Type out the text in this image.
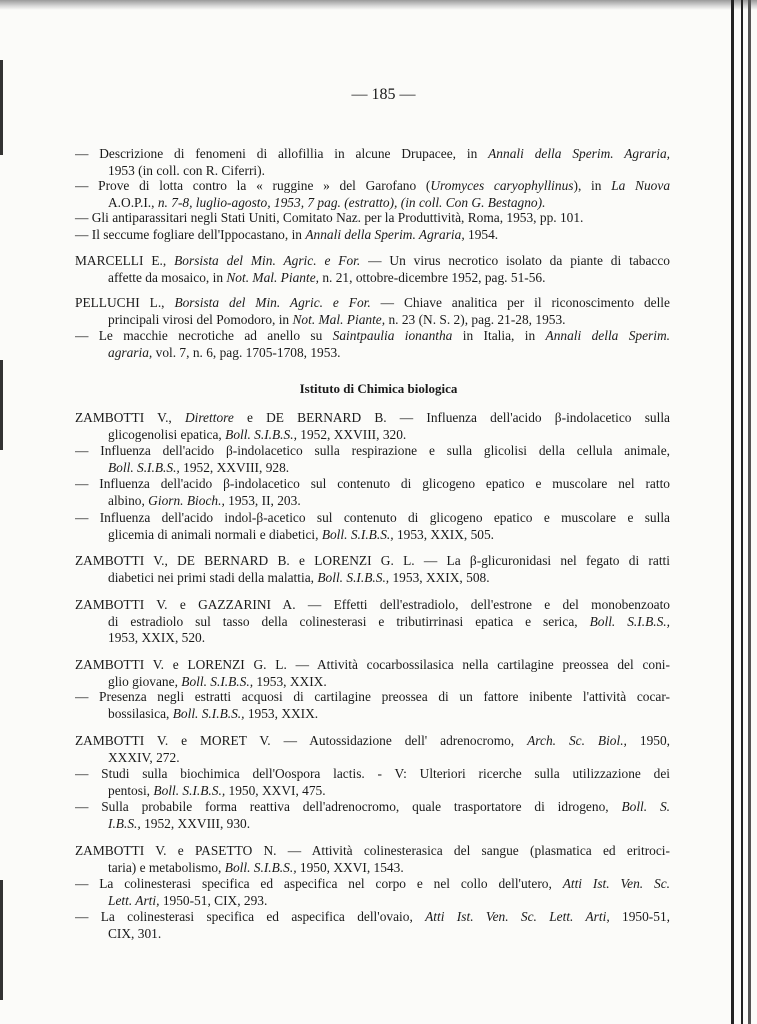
— 185 —
Istituto di Chimica biologica
— Descrizione di fenomeni di allofillia in alcune Drupacee, in Annali della Sperim. Agraria,
1953 (in coll. con R. Ciferri).
— Prove di lotta contro la « ruggine » del Garofano (Uromyces caryophyllinus), in La Nuova
A.O.P.I., n. 7-8, luglio-agosto, 1953, 7 pag. (estratto), (in coll. Con G. Bestagno).
— Gli antiparassitari negli Stati Uniti, Comitato Naz. per la Produttività, Roma, 1953, pp. 101.
— Il seccume fogliare dell'Ippocastano, in Annali della Sperim. Agraria, 1954.
MARCELLI E., Borsista del Min. Agric. e For. — Un virus necrotico isolato da piante di tabacco
affette da mosaico, in Not. Mal. Piante, n. 21, ottobre-dicembre 1952, pag. 51-56.
PELLUCHI L., Borsista del Min. Agric. e For. — Chiave analitica per il riconoscimento delle
principali virosi del Pomodoro, in Not. Mal. Piante, n. 23 (N. S. 2), pag. 21-28, 1953.
— Le macchie necrotiche ad anello su Saintpaulia ionantha in Italia, in Annali della Sperim.
agraria, vol. 7, n. 6, pag. 1705-1708, 1953.
ZAMBOTTI V., Direttore e DE BERNARD B. — Influenza dell'acido β-indolacetico sulla
glicogenolisi epatica, Boll. S.I.B.S., 1952, XXVIII, 320.
— Influenza dell'acido β-indolacetico sulla respirazione e sulla glicolisi della cellula animale,
Boll. S.I.B.S., 1952, XXVIII, 928.
— Influenza dell'acido β-indolacetico sul contenuto di glicogeno epatico e muscolare nel ratto
albino, Giorn. Bioch., 1953, II, 203.
— Influenza dell'acido indol-β-acetico sul contenuto di glicogeno epatico e muscolare e sulla
glicemia di animali normali e diabetici, Boll. S.I.B.S., 1953, XXIX, 505.
ZAMBOTTI V., DE BERNARD B. e LORENZI G. L. — La β-glicuronidasi nel fegato di ratti
diabetici nei primi stadi della malattia, Boll. S.I.B.S., 1953, XXIX, 508.
ZAMBOTTI V. e GAZZARINI A. — Effetti dell'estradiolo, dell'estrone e del monobenzoato
di estradiolo sul tasso della colinesterasi e tributirrinasi epatica e serica, Boll. S.I.B.S.,
1953, XXIX, 520.
ZAMBOTTI V. e LORENZI G. L. — Attività cocarbossilasica nella cartilagine preossea del coni-
glio giovane, Boll. S.I.B.S., 1953, XXIX.
— Presenza negli estratti acquosi di cartilagine preossea di un fattore inibente l'attività cocar-
bossilasica, Boll. S.I.B.S., 1953, XXIX.
ZAMBOTTI V. e MORET V. — Autossidazione dell' adrenocromo, Arch. Sc. Biol., 1950,
XXXIV, 272.
— Studi sulla biochimica dell'Oospora lactis. - V: Ulteriori ricerche sulla utilizzazione dei
pentosi, Boll. S.I.B.S., 1950, XXVI, 475.
— Sulla probabile forma reattiva dell'adrenocromo, quale trasportatore di idrogeno, Boll. S.
I.B.S., 1952, XXVIII, 930.
ZAMBOTTI V. e PASETTO N. — Attività colinesterasica del sangue (plasmatica ed eritroci-
taria) e metabolismo, Boll. S.I.B.S., 1950, XXVI, 1543.
— La colinesterasi specifica ed aspecifica nel corpo e nel collo dell'utero, Atti Ist. Ven. Sc.
Lett. Arti, 1950-51, CIX, 293.
— La colinesterasi specifica ed aspecifica dell'ovaio, Atti Ist. Ven. Sc. Lett. Arti, 1950-51,
CIX, 301.
